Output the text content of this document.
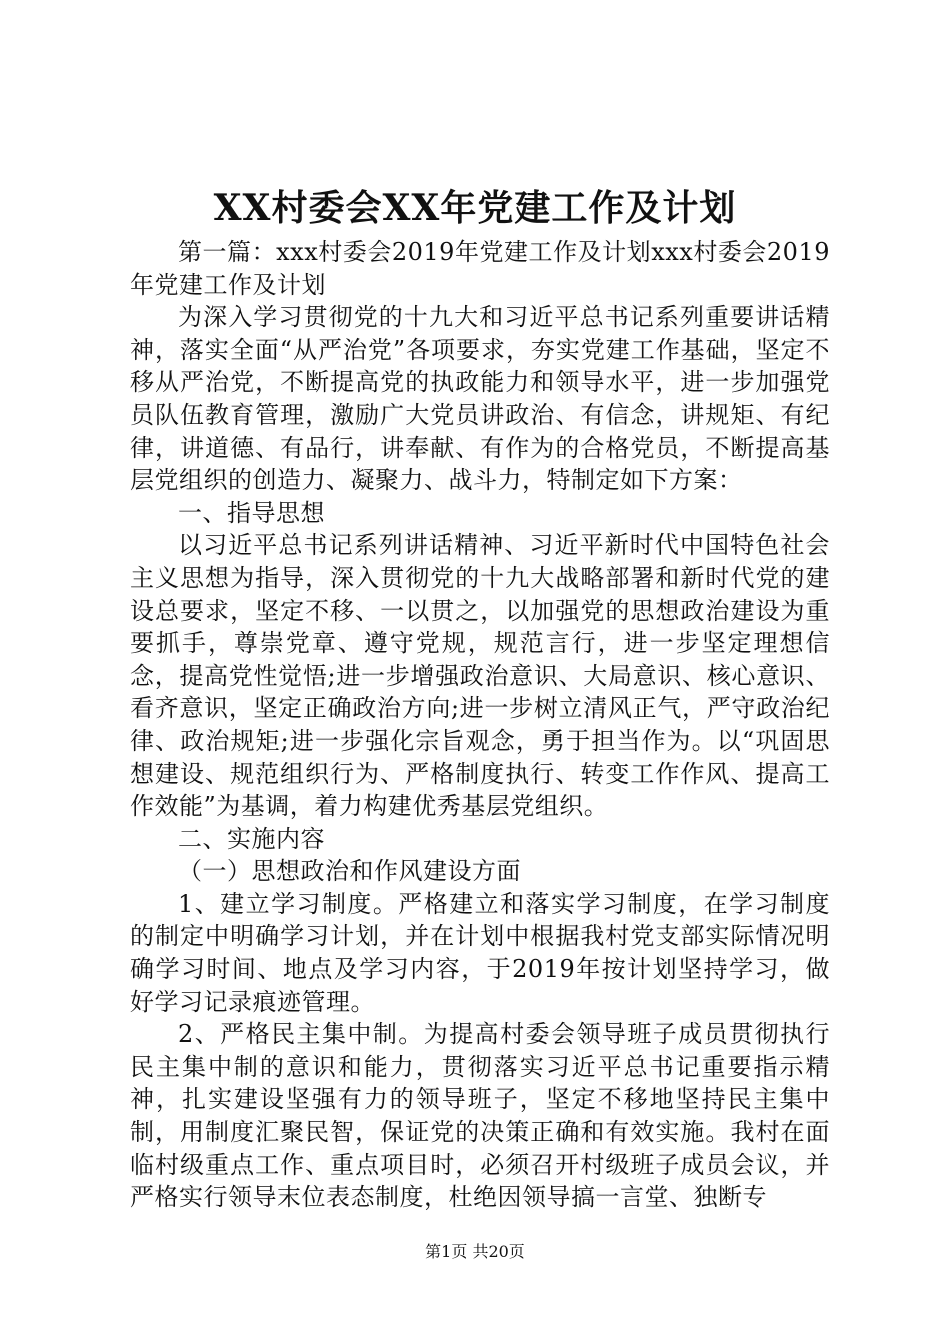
XX村委会XX年党建工作及计划

第一篇：xxx村委会2019年党建工作及计划xxx村委会2019年党建工作及计划

为深入学习贯彻党的十九大和习近平总书记系列重要讲话精神，落实全面“从严治党”各项要求，夯实党建工作基础，坚定不移从严治党，不断提高党的执政能力和领导水平，进一步加强党员队伍教育管理，激励广大党员讲政治、有信念，讲规矩、有纪律，讲道德、有品行，讲奉献、有作为的合格党员，不断提高基层党组织的创造力、凝聚力、战斗力，特制定如下方案：

一、指导思想

以习近平总书记系列讲话精神、习近平新时代中国特色社会主义思想为指导，深入贯彻党的十九大战略部署和新时代党的建设总要求，坚定不移、一以贯之，以加强党的思想政治建设为重要抓手，尊崇党章、遵守党规，规范言行，进一步坚定理想信念，提高党性觉悟;进一步增强政治意识、大局意识、核心意识、看齐意识，坚定正确政治方向;进一步树立清风正气，严守政治纪律、政治规矩;进一步强化宗旨观念，勇于担当作为。以“巩固思想建设、规范组织行为、严格制度执行、转变工作作风、提高工作效能”为基调，着力构建优秀基层党组织。

二、实施内容

（一）思想政治和作风建设方面

1、建立学习制度。严格建立和落实学习制度，在学习制度的制定中明确学习计划，并在计划中根据我村党支部实际情况明确学习时间、地点及学习内容，于2019年按计划坚持学习，做好学习记录痕迹管理。

2、严格民主集中制。为提高村委会领导班子成员贯彻执行民主集中制的意识和能力，贯彻落实习近平总书记重要指示精神，扎实建设坚强有力的领导班子，坚定不移地坚持民主集中制，用制度汇聚民智，保证党的决策正确和有效实施。我村在面临村级重点工作、重点项目时，必须召开村级班子成员会议，并严格实行领导末位表态制度，杜绝因领导搞一言堂、独断专

第1页 共20页
